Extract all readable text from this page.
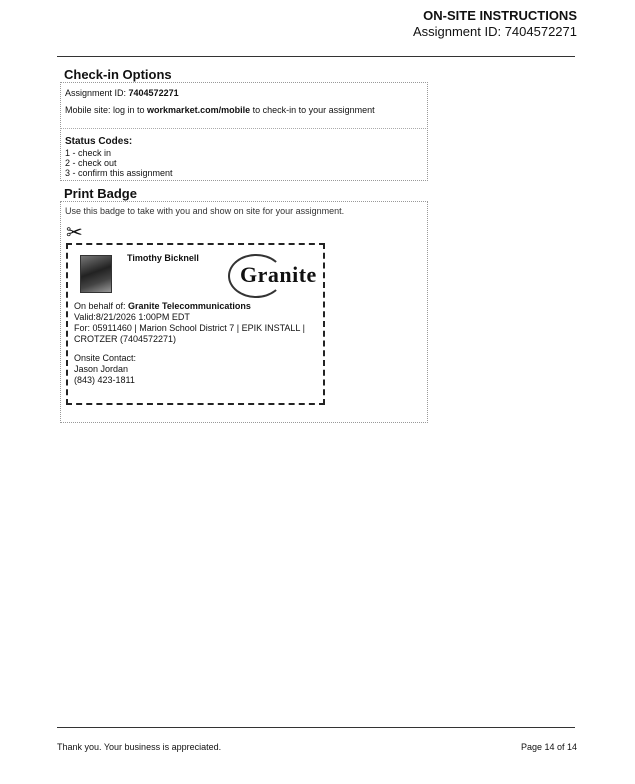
ON-SITE INSTRUCTIONS
Assignment ID: 7404572271
Check-in Options
Assignment ID: 7404572271
Mobile site: log in to workmarket.com/mobile to check-in to your assignment
Status Codes:
1 - check in
2 - check out
3 - confirm this assignment
Print Badge
Use this badge to take with you and show on site for your assignment.
✂
Timothy Bicknell
Granite
On behalf of: Granite Telecommunications
Valid:8/21/2026 1:00PM EDT
For: 05911460 | Marion School District 7 | EPIK INSTALL |
CROTZER (7404572271)
Onsite Contact:
Jason Jordan
(843) 423-1811
Thank you. Your business is appreciated.	Page 14 of 14
